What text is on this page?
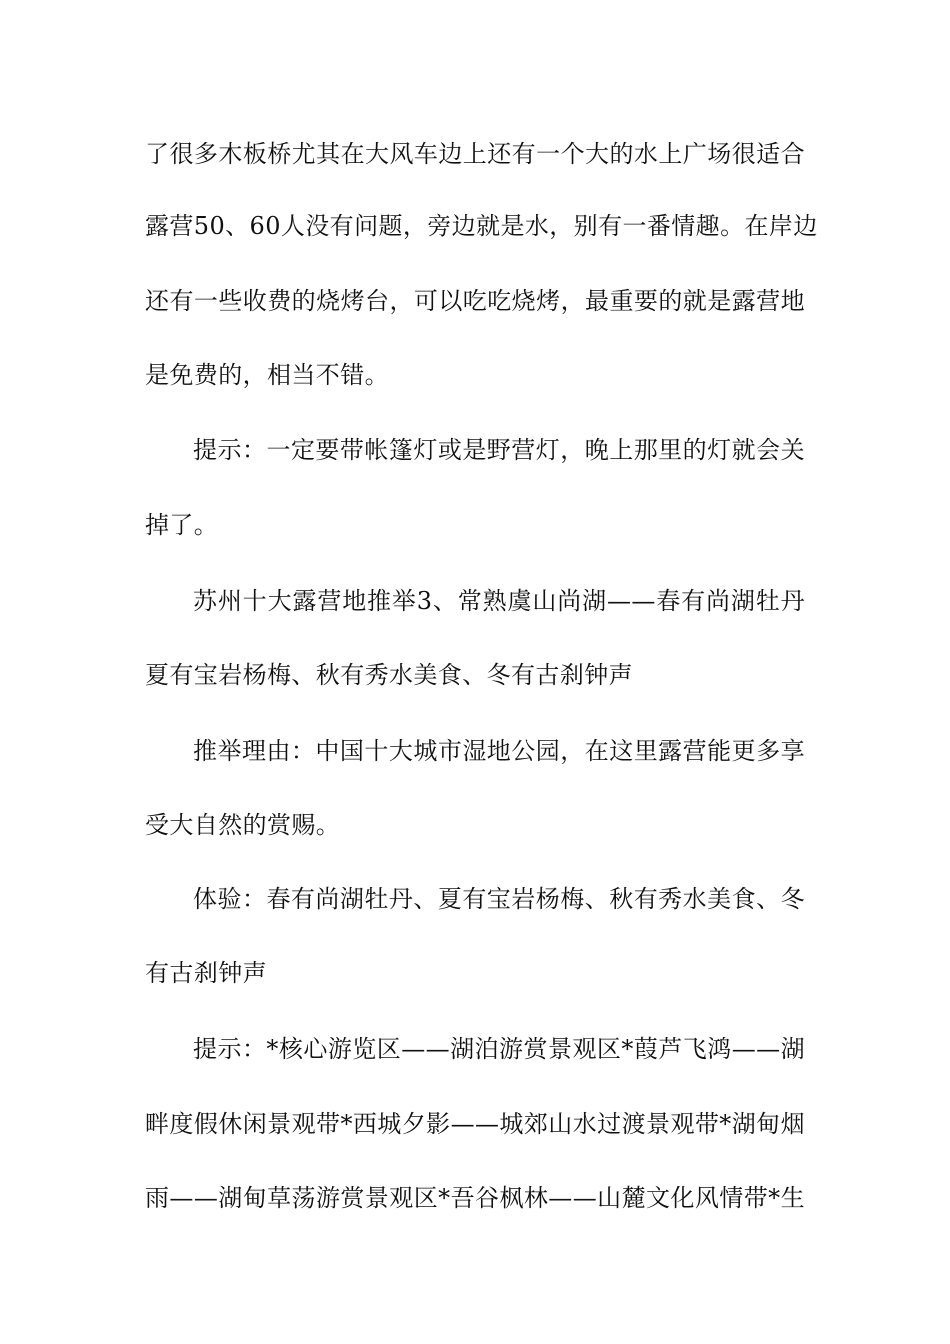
了很多木板桥尤其在大风车边上还有一个大的水上广场很适合
露营50、60人没有问题，旁边就是水，别有一番情趣。在岸边
还有一些收费的烧烤台，可以吃吃烧烤，最重要的就是露营地
是免费的，相当不错。
提示：一定要带帐篷灯或是野营灯，晚上那里的灯就会关
掉了。
苏州十大露营地推举3、常熟虞山尚湖——春有尚湖牡丹
夏有宝岩杨梅、秋有秀水美食、冬有古刹钟声
推举理由：中国十大城市湿地公园，在这里露营能更多享
受大自然的赏赐。
体验：春有尚湖牡丹、夏有宝岩杨梅、秋有秀水美食、冬
有古刹钟声
提示：*核心游览区——湖泊游赏景观区*葭芦飞鸿——湖
畔度假休闲景观带*西城夕影——城郊山水过渡景观带*湖甸烟
雨——湖甸草荡游赏景观区*吾谷枫林——山麓文化风情带*生
